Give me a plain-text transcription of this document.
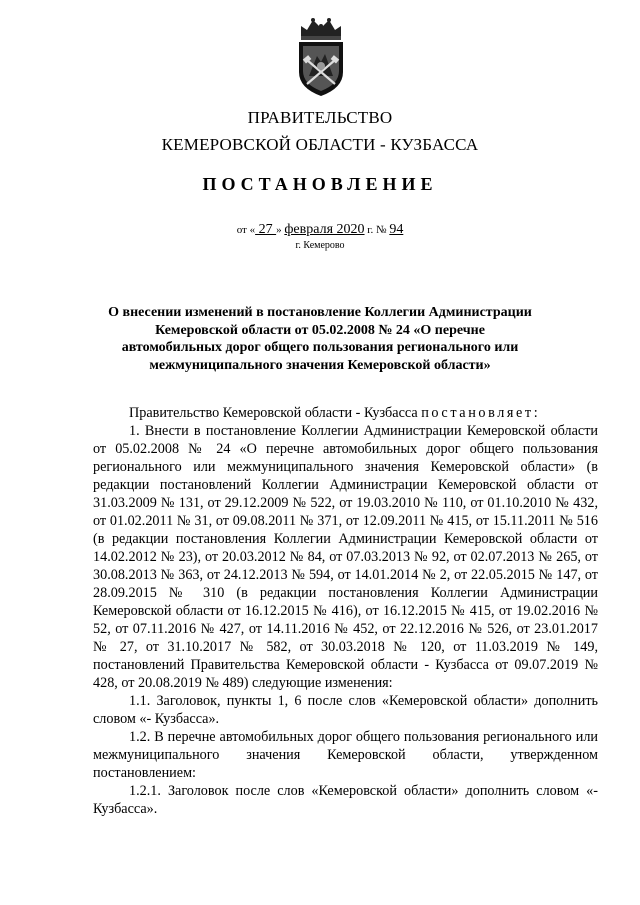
ПРАВИТЕЛЬСТВО
КЕМЕРОВСКОЙ ОБЛАСТИ - КУЗБАССА
ПОСТАНОВЛЕНИЕ
от « 27 » февраля 2020 г. № 94
г. Кемерово
О внесении изменений в постановление Коллегии Администрации Кемеровской области от 05.02.2008 № 24 «О перечне автомобильных дорог общего пользования регионального или межмуниципального значения Кемеровской области»

Правительство Кемеровской области - Кузбасса постановляет:

1. Внести в постановление Коллегии Администрации Кемеровской области от 05.02.2008 № 24 «О перечне автомобильных дорог общего пользования регионального или межмуниципального значения Кемеровской области» (в редакции постановлений Коллегии Администрации Кемеровской области от 31.03.2009 № 131, от 29.12.2009 № 522, от 19.03.2010 № 110, от 01.10.2010 № 432, от 01.02.2011 № 31, от 09.08.2011 № 371, от 12.09.2011 № 415, от 15.11.2011 № 516 (в редакции постановления Коллегии Администрации Кемеровской области от 14.02.2012 № 23), от 20.03.2012 № 84, от 07.03.2013 № 92, от 02.07.2013 № 265, от 30.08.2013 № 363, от 24.12.2013 № 594, от 14.01.2014 № 2, от 22.05.2015 № 147, от 28.09.2015 № 310 (в редакции постановления Коллегии Администрации Кемеровской области от 16.12.2015 № 416), от 16.12.2015 № 415, от 19.02.2016 № 52, от 07.11.2016 № 427, от 14.11.2016 № 452, от 22.12.2016 № 526, от 23.01.2017 № 27, от 31.10.2017 № 582, от 30.03.2018 № 120, от 11.03.2019 № 149, постановлений Правительства Кемеровской области - Кузбасса от 09.07.2019 № 428, от 20.08.2019 № 489) следующие изменения:

1.1. Заголовок, пункты 1, 6 после слов «Кемеровской области» дополнить словом «- Кузбасса».

1.2. В перечне автомобильных дорог общего пользования регионального или межмуниципального значения Кемеровской области, утвержденном постановлением:

1.2.1. Заголовок после слов «Кемеровской области» дополнить словом «- Кузбасса».
